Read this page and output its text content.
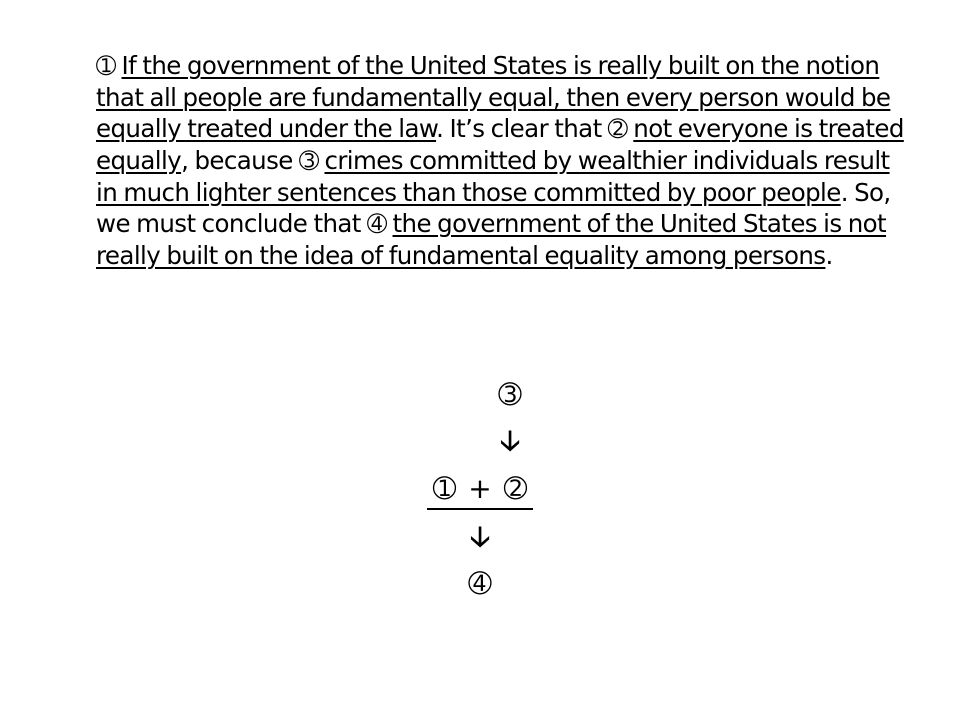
➀ If the government of the United States is really built on the notion that all people are fundamentally equal, then every person would be equally treated under the law. It’s clear that ➁ not everyone is treated equally, because ➂ crimes committed by wealthier individuals result in much lighter sentences than those committed by poor people. So, we must conclude that ➃ the government of the United States is not really built on the idea of fundamental equality among persons.

➂
🡣
➀ + ➁
🡣
➃
